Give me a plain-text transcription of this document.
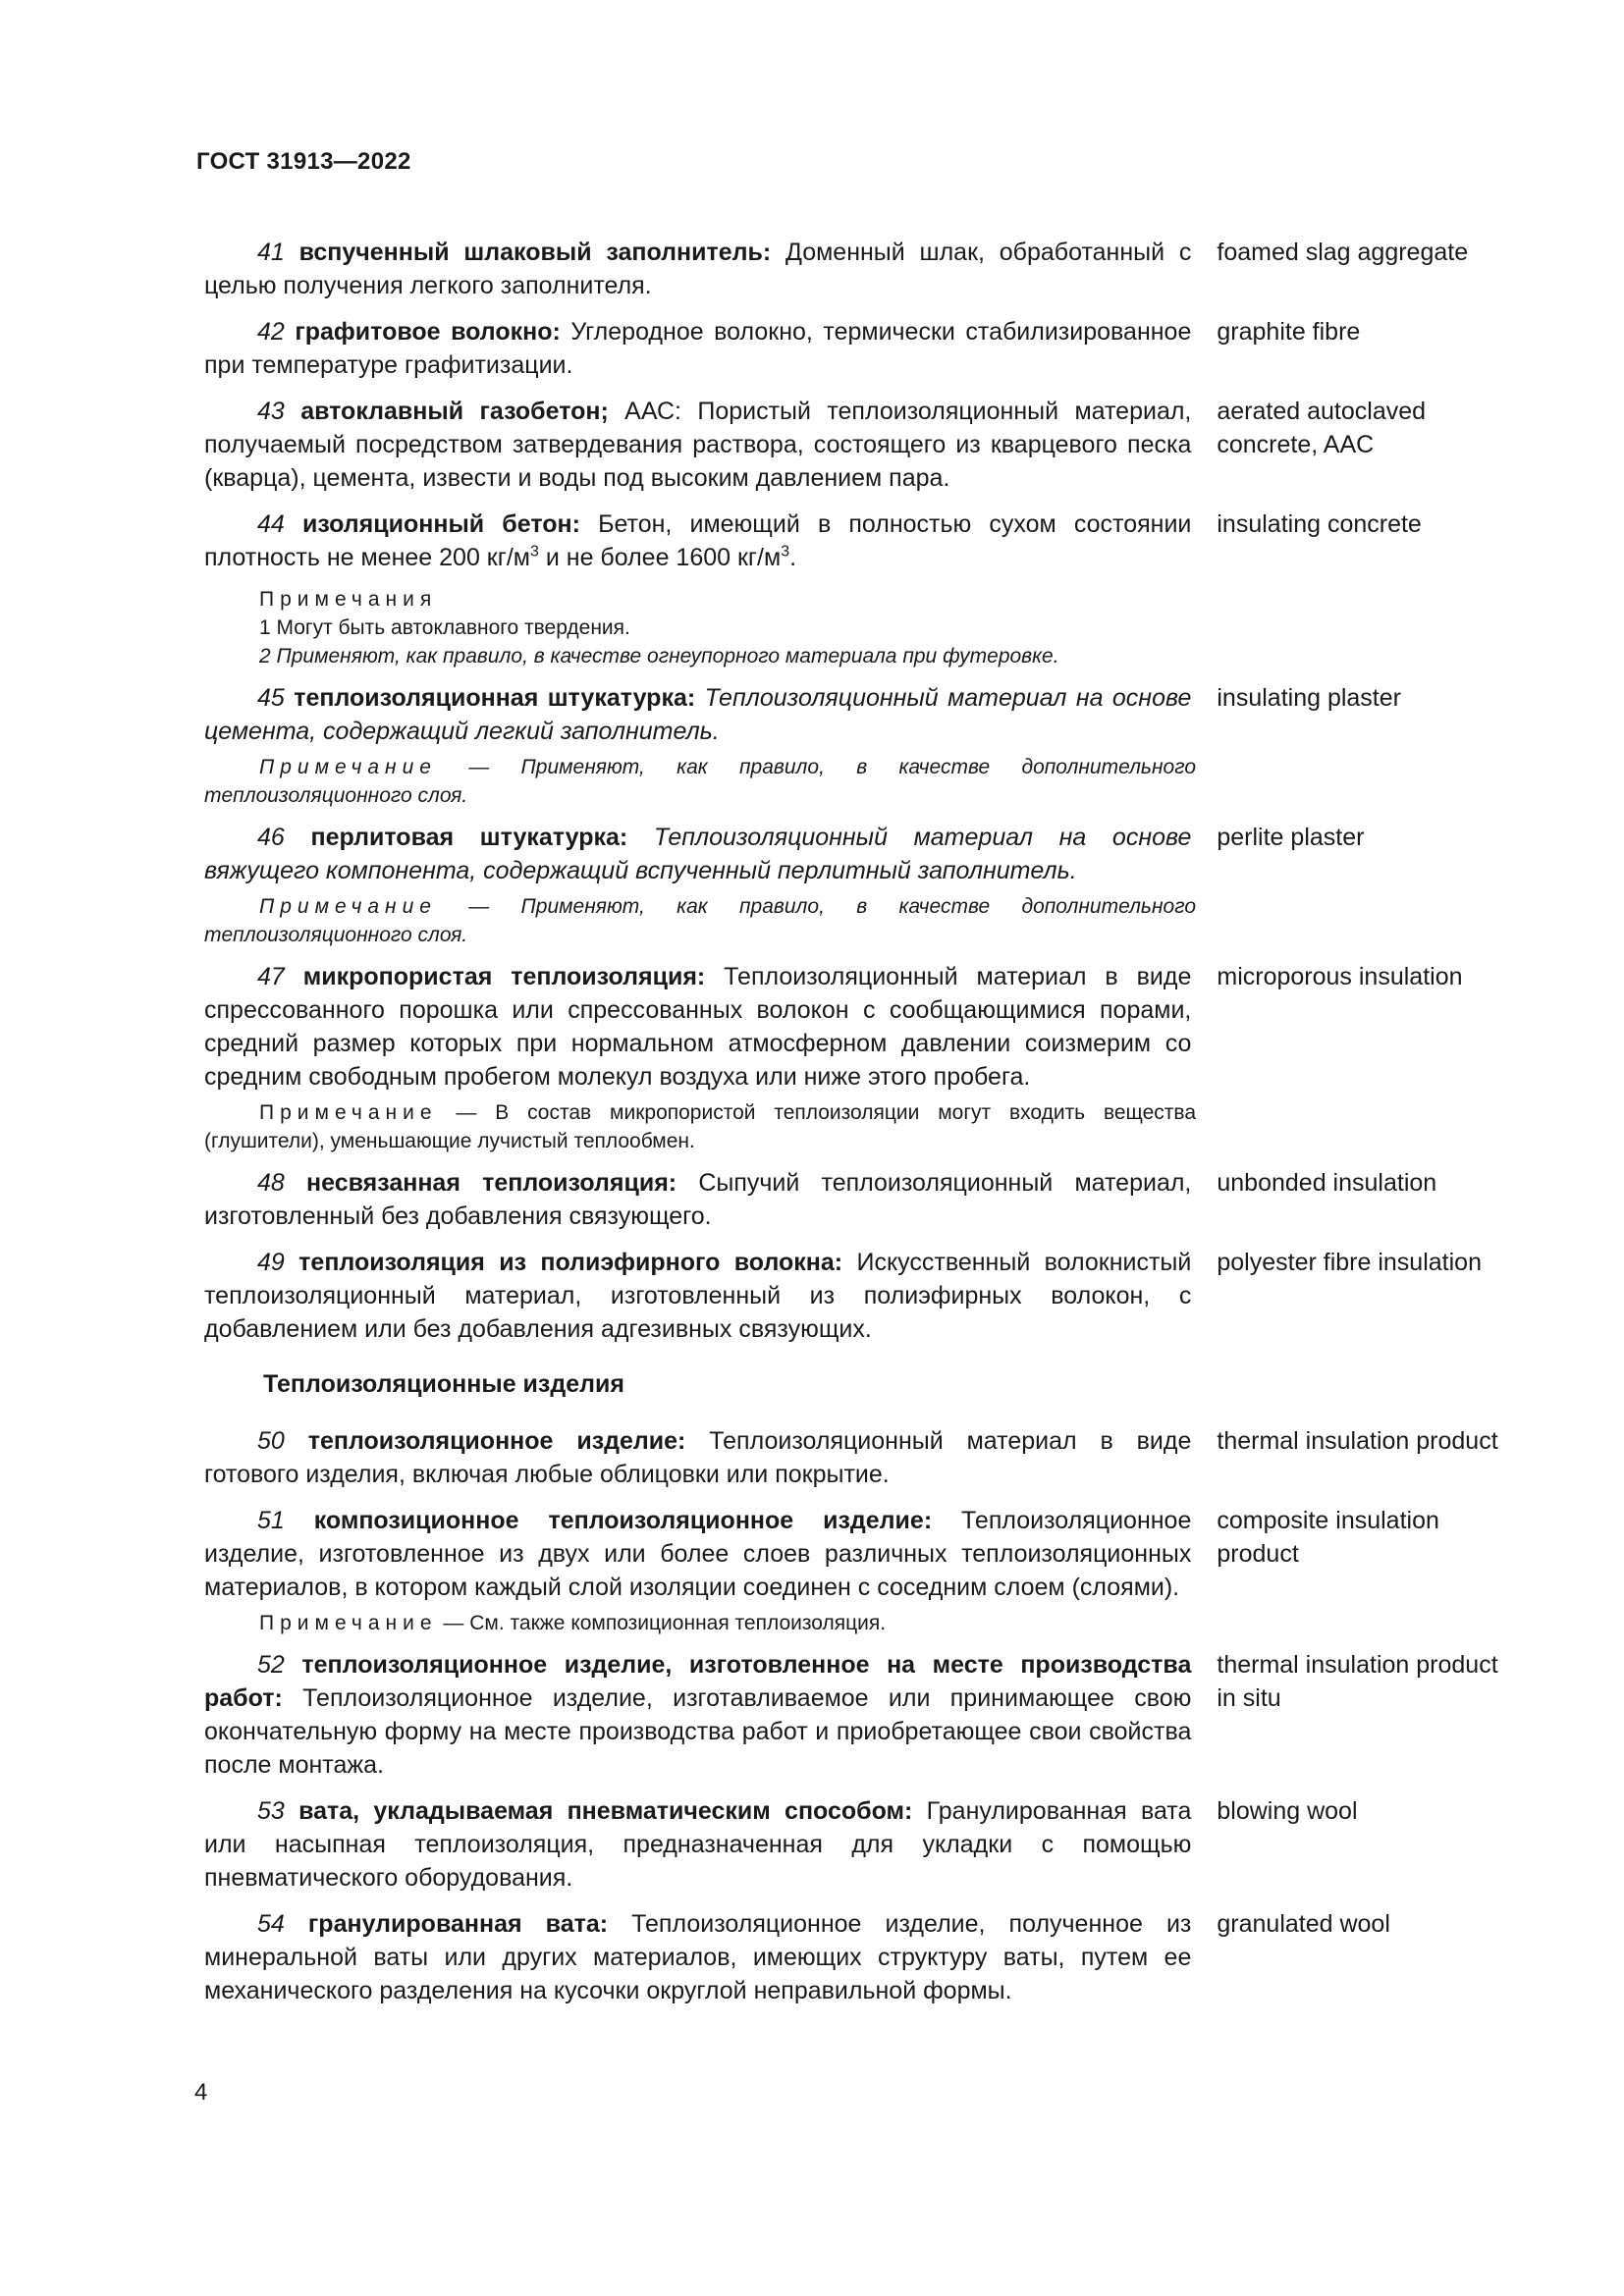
ГОСТ 31913—2022
41 вспученный шлаковый заполнитель: Доменный шлак, обработанный с целью получения легкого заполнителя.
foamed slag aggregate
42 графитовое волокно: Углеродное волокно, термически стабилизированное при температуре графитизации.
graphite fibre
43 автоклавный газобетон; ААС: Пористый теплоизоляционный материал, получаемый посредством затвердевания раствора, состоящего из кварцевого песка (кварца), цемента, извести и воды под высоким давлением пара.
aerated autoclaved concrete, AAC
44 изоляционный бетон: Бетон, имеющий в полностью сухом состоянии плотность не менее 200 $кг/м^3$ и не более 1600 $кг/м^3$.
insulating concrete
Примечания
1 Могут быть автоклавного твердения.
2 Применяют, как правило, в качестве огнеупорного материала при футеровке.
45 теплоизоляционная штукатурка: Теплоизоляционный материал на основе цемента, содержащий легкий заполнитель.
insulating plaster
Примечание — Применяют, как правило, в качестве дополнительного теплоизоляционного слоя.
46 перлитовая штукатурка: Теплоизоляционный материал на основе вяжущего компонента, содержащий вспученный перлитный заполнитель.
perlite plaster
Примечание — Применяют, как правило, в качестве дополнительного теплоизоляционного слоя.
47 микропористая теплоизоляция: Теплоизоляционный материал в виде спрессованного порошка или спрессованных волокон с сообщающимися порами, средний размер которых при нормальном атмосферном давлении соизмерим со средним свободным пробегом молекул воздуха или ниже этого пробега.
microporous insulation
Примечание — В состав микропористой теплоизоляции могут входить вещества (глушители), уменьшающие лучистый теплообмен.
48 несвязанная теплоизоляция: Сыпучий теплоизоляционный материал, изготовленный без добавления связующего.
unbonded insulation
49 теплоизоляция из полиэфирного волокна: Искусственный волокнистый теплоизоляционный материал, изготовленный из полиэфирных волокон, с добавлением или без добавления адгезивных связующих.
polyester fibre insulation
Теплоизоляционные изделия
50 теплоизоляционное изделие: Теплоизоляционный материал в виде готового изделия, включая любые облицовки или покрытие.
thermal insulation product
51 композиционное теплоизоляционное изделие: Теплоизоляционное изделие, изготовленное из двух или более слоев различных теплоизоляционных материалов, в котором каждый слой изоляции соединен с соседним слоем (слоями).
composite insulation product
Примечание — См. также композиционная теплоизоляция.
52 теплоизоляционное изделие, изготовленное на месте производства работ: Теплоизоляционное изделие, изготавливаемое или принимающее свою окончательную форму на месте производства работ и приобретающее свои свойства после монтажа.
thermal insulation product in situ
53 вата, укладываемая пневматическим способом: Гранулированная вата или насыпная теплоизоляция, предназначенная для укладки с помощью пневматического оборудования.
blowing wool
54 гранулированная вата: Теплоизоляционное изделие, полученное из минеральной ваты или других материалов, имеющих структуру ваты, путем ее механического разделения на кусочки округлой неправильной формы.
granulated wool
4
